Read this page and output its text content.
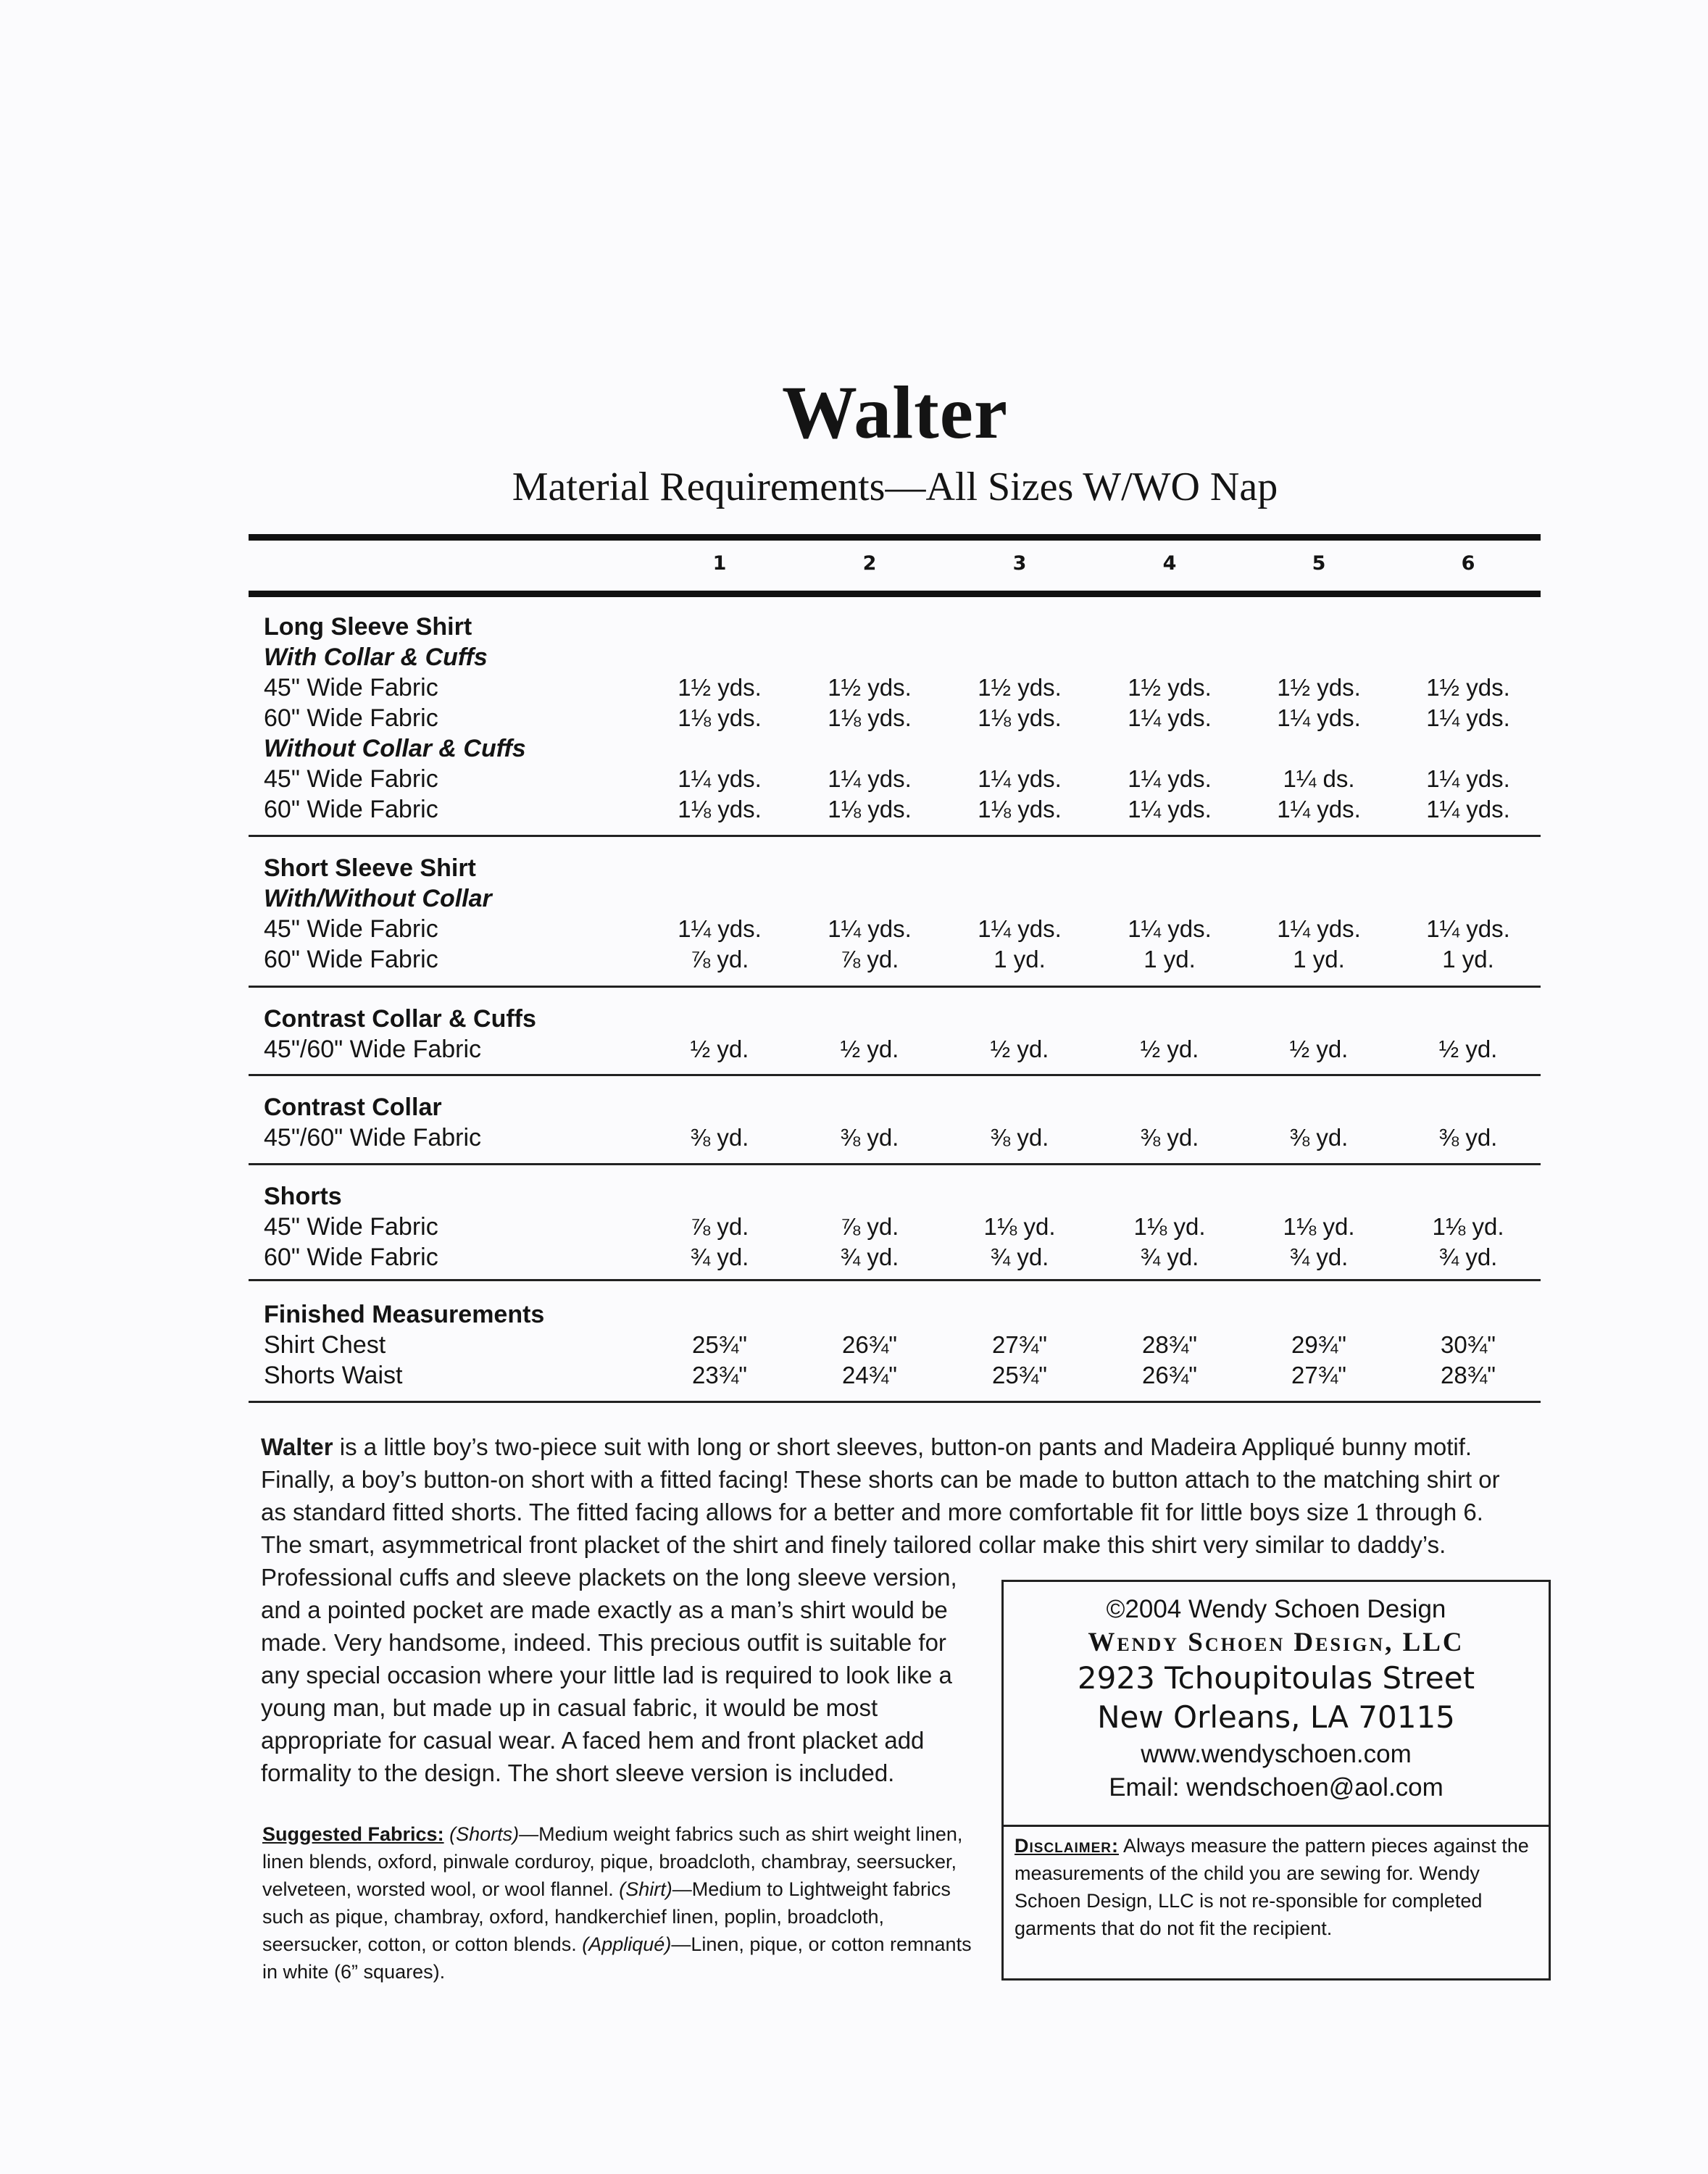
Walter
Material Requirements—All Sizes W/WO Nap
1	2	3	4	5	6
Long Sleeve Shirt
With Collar & Cuffs
45" Wide Fabric	1½ yds.	1½ yds.	1½ yds.	1½ yds.	1½ yds.	1½ yds.
60" Wide Fabric	1⅛ yds.	1⅛ yds.	1⅛ yds.	1¼ yds.	1¼ yds.	1¼ yds.
Without Collar & Cuffs
45" Wide Fabric	1¼ yds.	1¼ yds.	1¼ yds.	1¼ yds.	1¼ ds.	1¼ yds.
60" Wide Fabric	1⅛ yds.	1⅛ yds.	1⅛ yds.	1¼ yds.	1¼ yds.	1¼ yds.
Short Sleeve Shirt
With/Without Collar
45" Wide Fabric	1¼ yds.	1¼ yds.	1¼ yds.	1¼ yds.	1¼ yds.	1¼ yds.
60" Wide Fabric	⅞ yd.	⅞ yd.	1 yd.	1 yd.	1 yd.	1 yd.
Contrast Collar & Cuffs
45"/60" Wide Fabric	½ yd.	½ yd.	½ yd.	½ yd.	½ yd.	½ yd.
Contrast Collar
45"/60" Wide Fabric	⅜ yd.	⅜ yd.	⅜ yd.	⅜ yd.	⅜ yd.	⅜ yd.
Shorts
45" Wide Fabric	⅞ yd.	⅞ yd.	1⅛ yd.	1⅛ yd.	1⅛ yd.	1⅛ yd.
60" Wide Fabric	¾ yd.	¾ yd.	¾ yd.	¾ yd.	¾ yd.	¾ yd.
Finished Measurements
Shirt Chest	25¾"	26¾"	27¾"	28¾"	29¾"	30¾"
Shorts Waist	23¾"	24¾"	25¾"	26¾"	27¾"	28¾"
Walter is a little boy’s two-piece suit with long or short sleeves, button-on pants and Madeira Appliqué bunny motif.
Finally, a boy’s button-on short with a fitted facing! These shorts can be made to button attach to the matching shirt or
as standard fitted shorts. The fitted facing allows for a better and more comfortable fit for little boys size 1 through 6.
The smart, asymmetrical front placket of the shirt and finely tailored collar make this shirt very similar to daddy’s.
Professional cuffs and sleeve plackets on the long sleeve version,
and a pointed pocket are made exactly as a man’s shirt would be
made. Very handsome, indeed. This precious outfit is suitable for
any special occasion where your little lad is required to look like a
young man, but made up in casual fabric, it would be most
appropriate for casual wear. A faced hem and front placket add
formality to the design. The short sleeve version is included.
Suggested Fabrics: (Shorts)—Medium weight fabrics such as shirt weight linen, linen blends, oxford, pinwale corduroy, pique, broadcloth, chambray, seersucker, velveteen, worsted wool, or wool flannel. (Shirt)—Medium to Lightweight fabrics such as pique, chambray, oxford, handkerchief linen, poplin, broadcloth, seersucker, cotton, or cotton blends. (Appliqué)—Linen, pique, or cotton remnants in white (6” squares).
©2004 Wendy Schoen Design
Wendy Schoen Design, LLC
2923 Tchoupitoulas Street
New Orleans, LA 70115
www.wendyschoen.com
Email: wendschoen@aol.com
Disclaimer: Always measure the pattern pieces against the measurements of the child you are sewing for. Wendy Schoen Design, LLC is not re-sponsible for completed garments that do not fit the recipient.
